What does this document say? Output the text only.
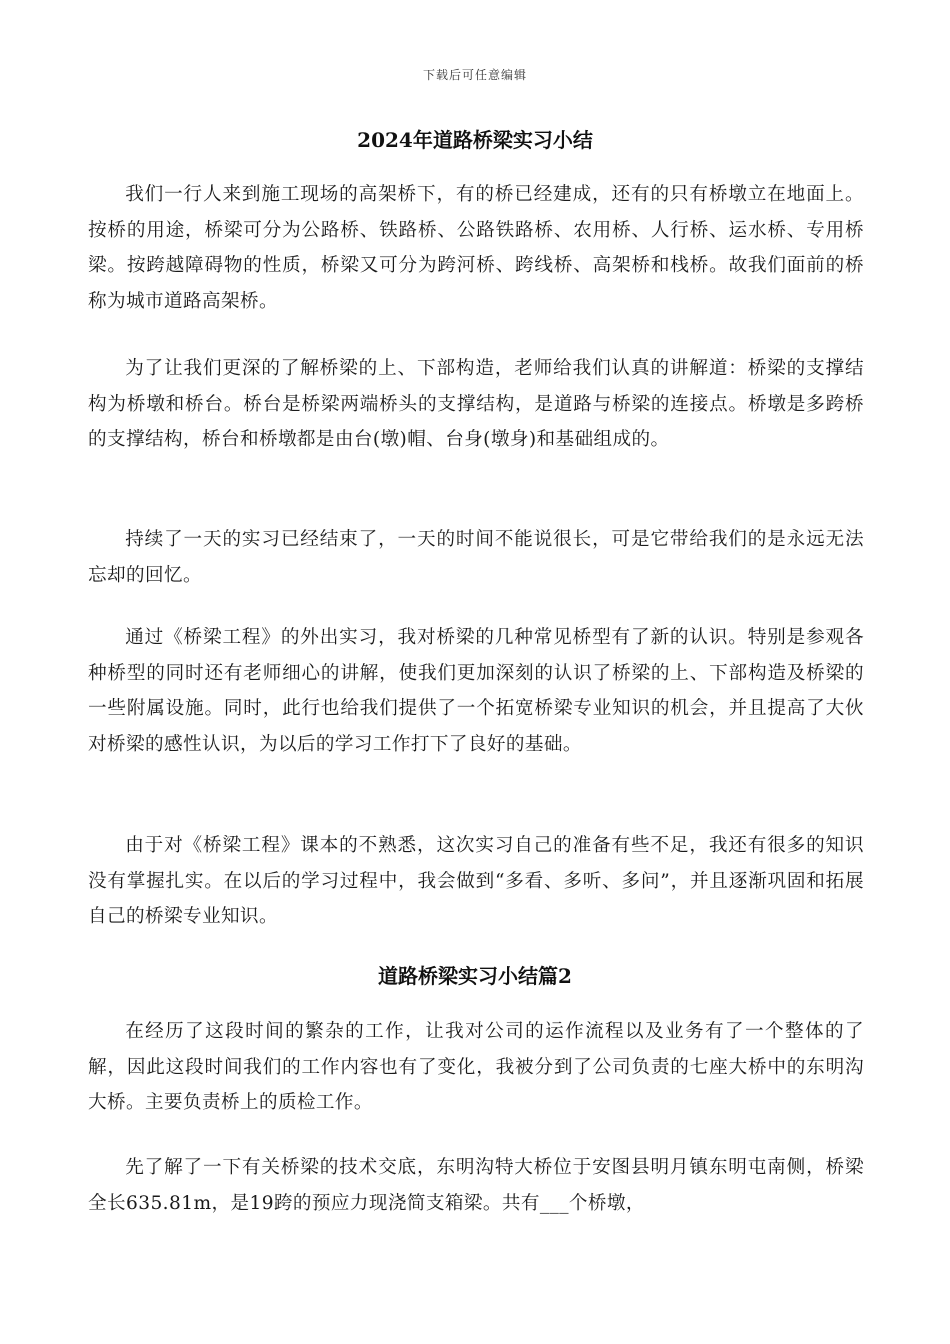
下载后可任意编辑
2024年道路桥梁实习小结

我们一行人来到施工现场的高架桥下，有的桥已经建成，还有的只有桥墩立在地面上。按桥的用途，桥梁可分为公路桥、铁路桥、公路铁路桥、农用桥、人行桥、运水桥、专用桥梁。按跨越障碍物的性质，桥梁又可分为跨河桥、跨线桥、高架桥和栈桥。故我们面前的桥称为城市道路高架桥。

为了让我们更深的了解桥梁的上、下部构造，老师给我们认真的讲解道：桥梁的支撑结构为桥墩和桥台。桥台是桥梁两端桥头的支撑结构，是道路与桥梁的连接点。桥墩是多跨桥的支撑结构，桥台和桥墩都是由台(墩)帽、台身(墩身)和基础组成的。

持续了一天的实习已经结束了，一天的时间不能说很长，可是它带给我们的是永远无法忘却的回忆。

通过《桥梁工程》的外出实习，我对桥梁的几种常见桥型有了新的认识。特别是参观各种桥型的同时还有老师细心的讲解，使我们更加深刻的认识了桥梁的上、下部构造及桥梁的一些附属设施。同时，此行也给我们提供了一个拓宽桥梁专业知识的机会，并且提高了大伙对桥梁的感性认识，为以后的学习工作打下了良好的基础。

由于对《桥梁工程》课本的不熟悉，这次实习自己的准备有些不足，我还有很多的知识没有掌握扎实。在以后的学习过程中，我会做到“多看、多听、多问”，并且逐渐巩固和拓展自己的桥梁专业知识。

道路桥梁实习小结篇2

在经历了这段时间的繁杂的工作，让我对公司的运作流程以及业务有了一个整体的了解，因此这段时间我们的工作内容也有了变化，我被分到了公司负责的七座大桥中的东明沟大桥。主要负责桥上的质检工作。

先了解了一下有关桥梁的技术交底，东明沟特大桥位于安图县明月镇东明屯南侧，桥梁全长635.81m，是19跨的预应力现浇简支箱梁。共有___个桥墩，
